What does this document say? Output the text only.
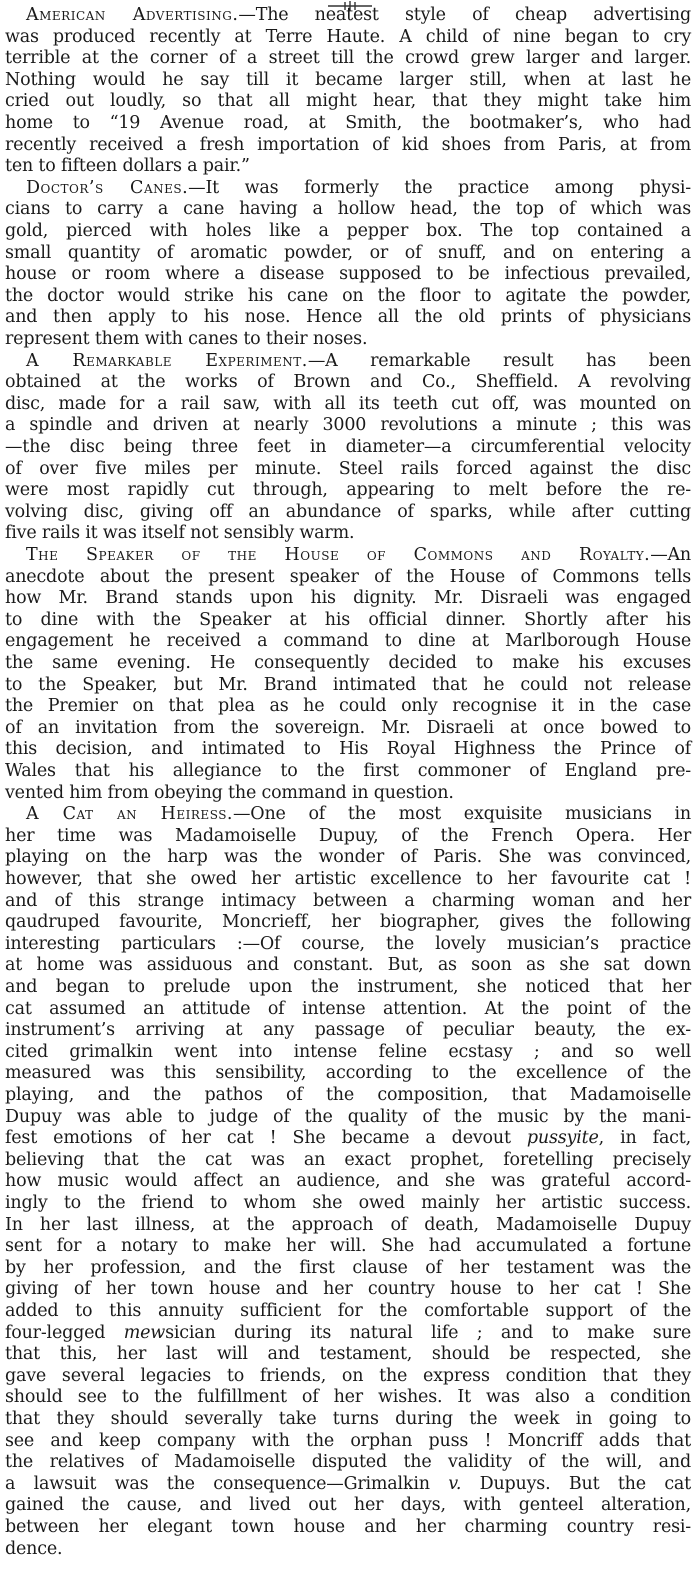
American Advertising.—The neatest style of cheap advertising
was produced recently at Terre Haute. A child of nine began to cry
terrible at the corner of a street till the crowd grew larger and larger.
Nothing would he say till it became larger still, when at last he
cried out loudly, so that all might hear, that they might take him
home to “19 Avenue road, at Smith, the bootmaker’s, who had
recently received a fresh importation of kid shoes from Paris, at from
ten to fifteen dollars a pair.”
Doctor’s Canes.—It was formerly the practice among physi-
cians to carry a cane having a hollow head, the top of which was
gold, pierced with holes like a pepper box. The top contained a
small quantity of aromatic powder, or of snuff, and on entering a
house or room where a disease supposed to be infectious prevailed,
the doctor would strike his cane on the floor to agitate the powder,
and then apply to his nose. Hence all the old prints of physicians
represent them with canes to their noses.
A Remarkable Experiment.—A remarkable result has been
obtained at the works of Brown and Co., Sheffield. A revolving
disc, made for a rail saw, with all its teeth cut off, was mounted on
a spindle and driven at nearly 3000 revolutions a minute ; this was
—the disc being three feet in diameter—a circumferential velocity
of over five miles per minute. Steel rails forced against the disc
were most rapidly cut through, appearing to melt before the re-
volving disc, giving off an abundance of sparks, while after cutting
five rails it was itself not sensibly warm.
The Speaker of the House of Commons and Royalty.—An
anecdote about the present speaker of the House of Commons tells
how Mr. Brand stands upon his dignity. Mr. Disraeli was engaged
to dine with the Speaker at his official dinner. Shortly after his
engagement he received a command to dine at Marlborough House
the same evening. He consequently decided to make his excuses
to the Speaker, but Mr. Brand intimated that he could not release
the Premier on that plea as he could only recognise it in the case
of an invitation from the sovereign. Mr. Disraeli at once bowed to
this decision, and intimated to His Royal Highness the Prince of
Wales that his allegiance to the first commoner of England pre-
vented him from obeying the command in question.
A Cat an Heiress.—One of the most exquisite musicians in
her time was Madamoiselle Dupuy, of the French Opera. Her
playing on the harp was the wonder of Paris. She was convinced,
however, that she owed her artistic excellence to her favourite cat !
and of this strange intimacy between a charming woman and her
qaudruped favourite, Moncrieff, her biographer, gives the following
interesting particulars :—Of course, the lovely musician’s practice
at home was assiduous and constant. But, as soon as she sat down
and began to prelude upon the instrument, she noticed that her
cat assumed an attitude of intense attention. At the point of the
instrument’s arriving at any passage of peculiar beauty, the ex-
cited grimalkin went into intense feline ecstasy ; and so well
measured was this sensibility, according to the excellence of the
playing, and the pathos of the composition, that Madamoiselle
Dupuy was able to judge of the quality of the music by the mani-
fest emotions of her cat ! She became a devout pussyite, in fact,
believing that the cat was an exact prophet, foretelling precisely
how music would affect an audience, and she was grateful accord-
ingly to the friend to whom she owed mainly her artistic success.
In her last illness, at the approach of death, Madamoiselle Dupuy
sent for a notary to make her will. She had accumulated a fortune
by her profession, and the first clause of her testament was the
giving of her town house and her country house to her cat ! She
added to this annuity sufficient for the comfortable support of the
four-legged mewsician during its natural life ; and to make sure
that this, her last will and testament, should be respected, she
gave several legacies to friends, on the express condition that they
should see to the fulfillment of her wishes. It was also a condition
that they should severally take turns during the week in going to
see and keep company with the orphan puss ! Moncriff adds that
the relatives of Madamoiselle disputed the validity of the will, and
a lawsuit was the consequence—Grimalkin v. Dupuys. But the cat
gained the cause, and lived out her days, with genteel alteration,
between her elegant town house and her charming country resi-
dence.
